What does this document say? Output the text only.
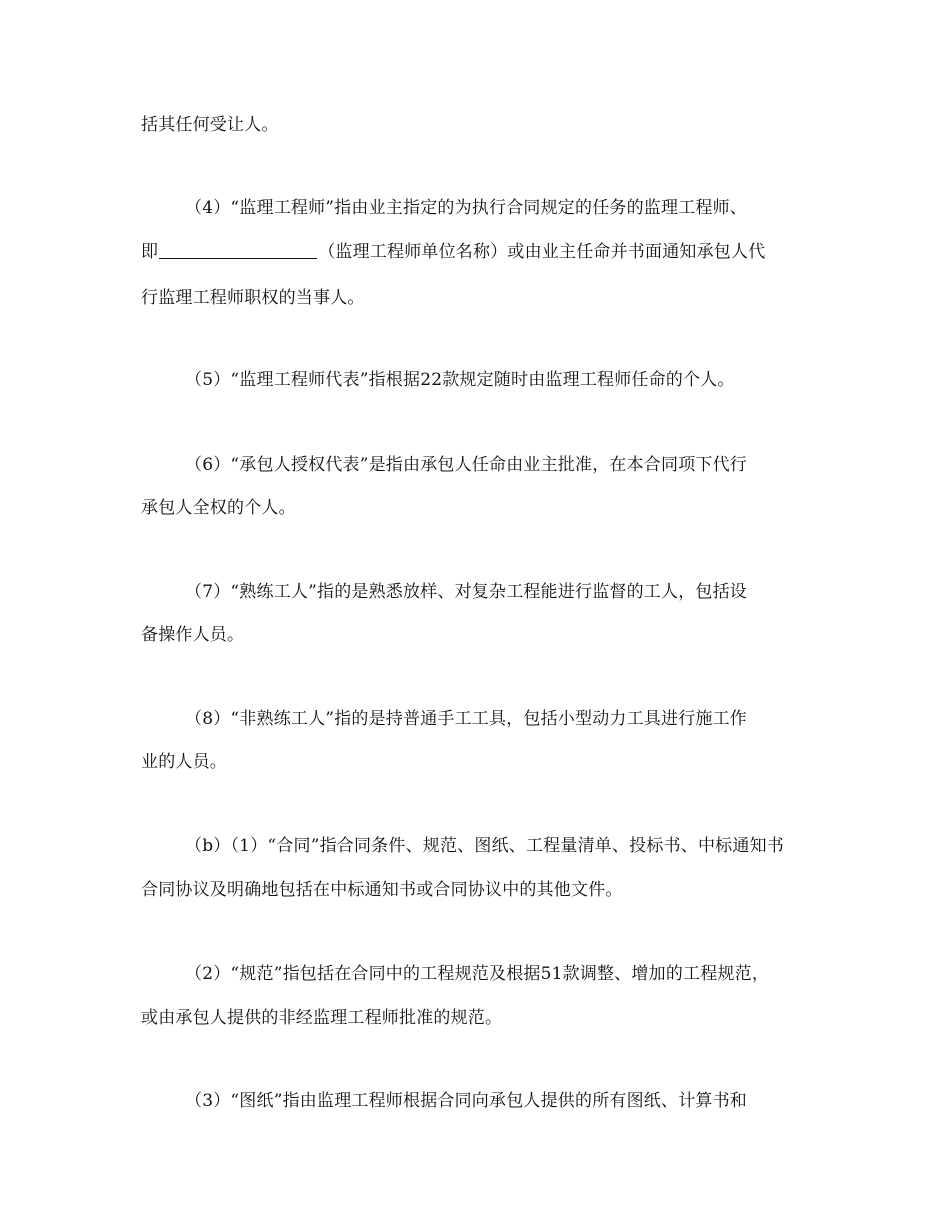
括其任何受让人。
（4）“监理工程师”指由业主指定的为执行合同规定的任务的监理工程师、
即	（监理工程师单位名称）或由业主任命并书面通知承包人代
行监理工程师职权的当事人。
（5）“监理工程师代表”指根据22款规定随时由监理工程师任命的个人。
（6）“承包人授权代表”是指由承包人任命由业主批准，在本合同项下代行
承包人全权的个人。
（7）“熟练工人”指的是熟悉放样、对复杂工程能进行监督的工人，包括设
备操作人员。
（8）“非熟练工人”指的是持普通手工工具，包括小型动力工具进行施工作
业的人员。
（b）（1）“合同”指合同条件、规范、图纸、工程量清单、投标书、中标通知书
合同协议及明确地包括在中标通知书或合同协议中的其他文件。
（2）“规范”指包括在合同中的工程规范及根据51款调整、增加的工程规范，
或由承包人提供的非经监理工程师批准的规范。
（3）“图纸”指由监理工程师根据合同向承包人提供的所有图纸、计算书和
